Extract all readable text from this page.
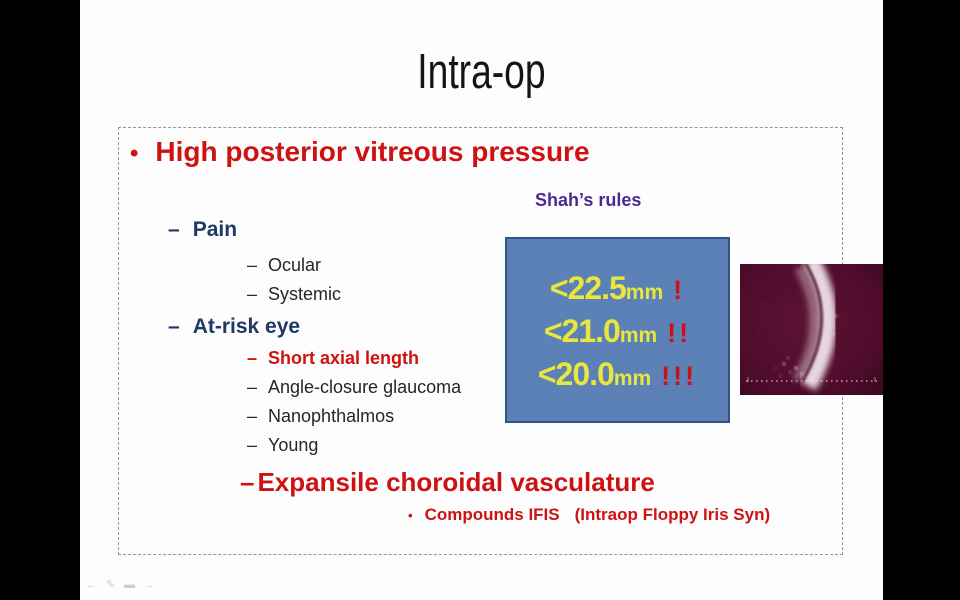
Intra-op
• High posterior vitreous pressure
Shah’s rules
– Pain
– Ocular
– Systemic
– At-risk eye
– Short axial length
– Angle-closure glaucoma
– Nanophthalmos
– Young
– Expansile choroidal vasculature
• Compounds IFIS (Intraop Floppy Iris Syn)
<22.5mm !
<21.0mm !!
<20.0mm !!!
← ✎ ▬ →
